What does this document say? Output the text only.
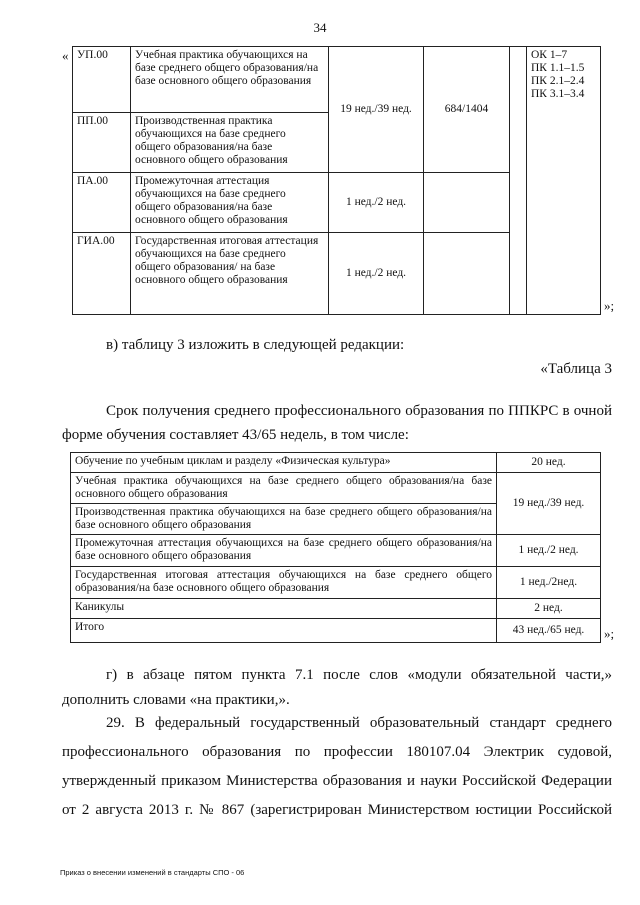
34
« УП.00	Учебная практика обучающихся на базе среднего общего образования/на базе основного общего образования	19 нед./39 нед.	684/1404		ОК 1–7
ПК 1.1–1.5
ПК 2.1–2.4
ПК 3.1–3.4

ПП.00	Производственная практика обучающихся на базе среднего общего образования/на базе основного общего образования				
ПА.00	Промежуточная аттестация обучающихся на базе среднего общего образования/на базе основного общего образования	1 нед./2 нед.			
ГИА.00	Государственная итоговая аттестация обучающихся на базе среднего общего образования/ на базе основного общего образования	1 нед./2 нед.			
»;
в) таблицу 3 изложить в следующей редакции:
«Таблица 3
Срок получения среднего профессионального образования по ППКРС в очной
форме обучения составляет 43/65 недель, в том числе:
Обучение по учебным циклам и разделу «Физическая культура»	20 нед.
Учебная практика обучающихся на базе среднего общего образования/на базе основного общего образования	19 нед./39 нед.
Производственная практика обучающихся на базе среднего общего образования/на базе основного общего образования	
Промежуточная аттестация обучающихся на базе среднего общего образования/на базе основного общего образования	1 нед./2 нед.
Государственная итоговая аттестация обучающихся на базе среднего общего образования/на базе основного общего образования	1 нед./2нед.
Каникулы	2 нед.
Итого	43 нед./65 нед. »;
г) в абзаце пятом пункта 7.1 после слов «модули обязательной части,»
дополнить словами «на практики,».
29. В федеральный государственный образовательный стандарт среднего
профессионального образования по профессии 180107.04 Электрик судовой,
утвержденный приказом Министерства образования и науки Российской Федерации
от 2 августа 2013 г. № 867 (зарегистрирован Министерством юстиции Российской
Приказ о внесении изменений в стандарты СПО - 06
